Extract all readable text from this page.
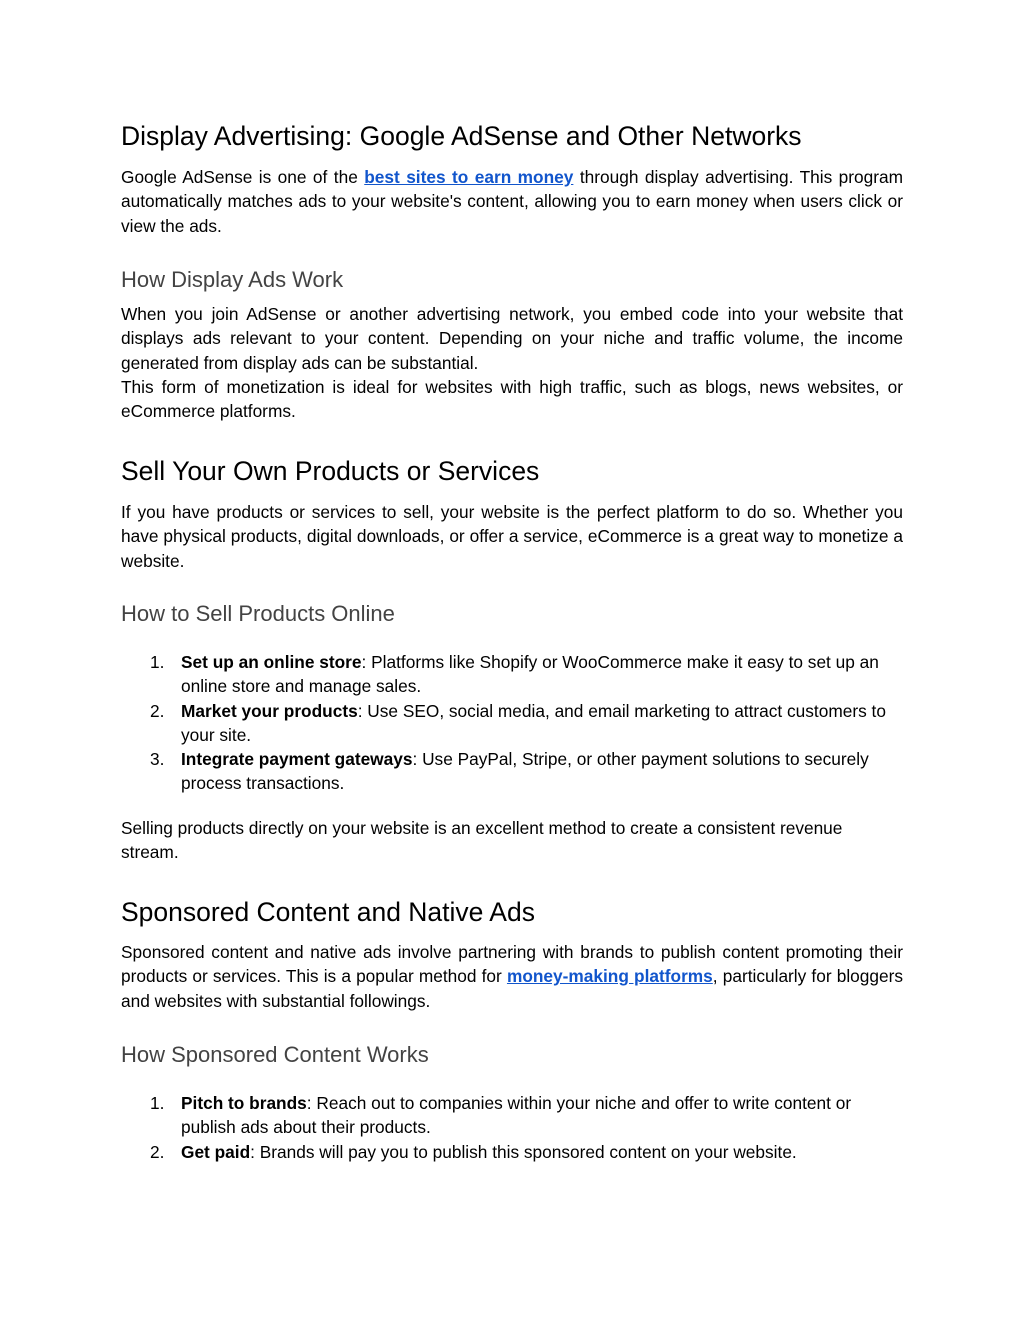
Display Advertising: Google AdSense and Other Networks

Google AdSense is one of the best sites to earn money through display advertising. This program automatically matches ads to your website's content, allowing you to earn money when users click or view the ads.

How Display Ads Work

When you join AdSense or another advertising network, you embed code into your website that displays ads relevant to your content. Depending on your niche and traffic volume, the income generated from display ads can be substantial.

This form of monetization is ideal for websites with high traffic, such as blogs, news websites, or eCommerce platforms.

Sell Your Own Products or Services

If you have products or services to sell, your website is the perfect platform to do so. Whether you have physical products, digital downloads, or offer a service, eCommerce is a great way to monetize a website.

How to Sell Products Online
1. Set up an online store: Platforms like Shopify or WooCommerce make it easy to set up an online store and manage sales.
2. Market your products: Use SEO, social media, and email marketing to attract customers to your site.
3. Integrate payment gateways: Use PayPal, Stripe, or other payment solutions to securely process transactions.

Selling products directly on your website is an excellent method to create a consistent revenue stream.

Sponsored Content and Native Ads

Sponsored content and native ads involve partnering with brands to publish content promoting their products or services. This is a popular method for money-making platforms, particularly for bloggers and websites with substantial followings.

How Sponsored Content Works
1. Pitch to brands: Reach out to companies within your niche and offer to write content or publish ads about their products.
2. Get paid: Brands will pay you to publish this sponsored content on your website.
